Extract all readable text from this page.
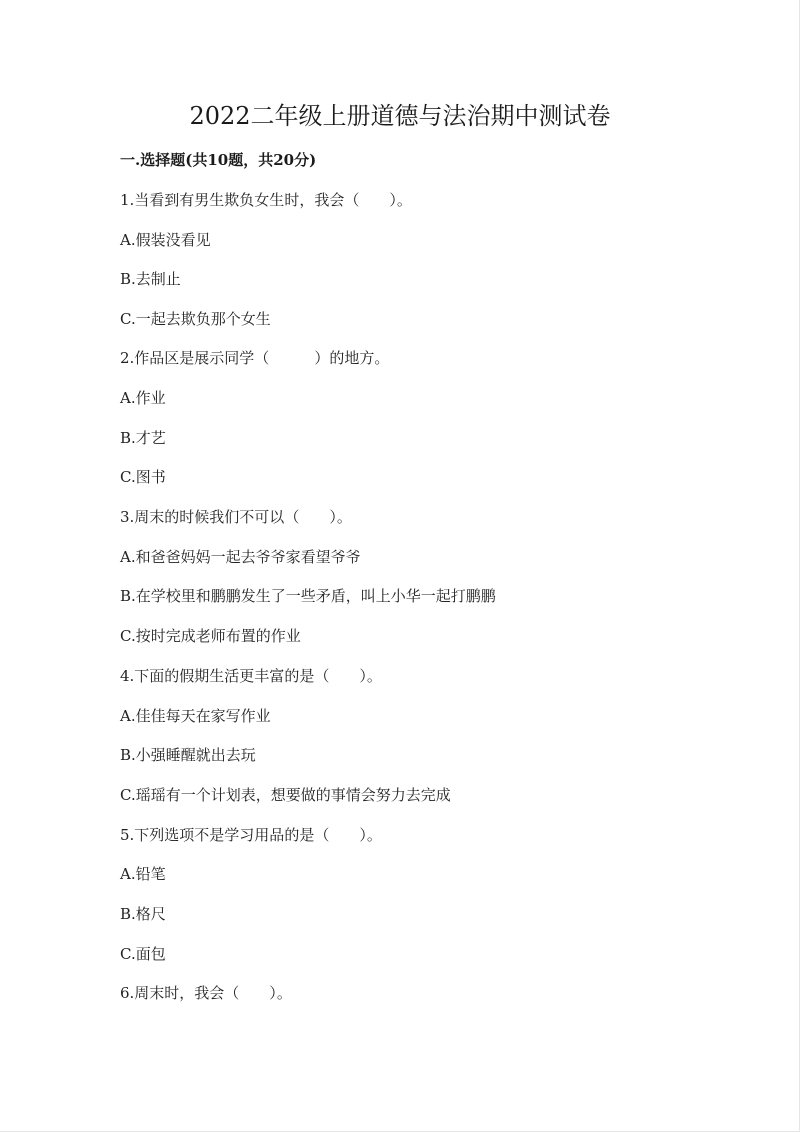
2022二年级上册道德与法治期中测试卷
一.选择题(共10题，共20分)
1.当看到有男生欺负女生时，我会（　　）。
A.假装没看见
B.去制止
C.一起去欺负那个女生
2.作品区是展示同学（　　　）的地方。
A.作业
B.才艺
C.图书
3.周末的时候我们不可以（　　）。
A.和爸爸妈妈一起去爷爷家看望爷爷
B.在学校里和鹏鹏发生了一些矛盾，叫上小华一起打鹏鹏
C.按时完成老师布置的作业
4.下面的假期生活更丰富的是（　　）。
A.佳佳每天在家写作业
B.小强睡醒就出去玩
C.瑶瑶有一个计划表，想要做的事情会努力去完成
5.下列选项不是学习用品的是（　　）。
A.铅笔
B.格尺
C.面包
6.周末时，我会（　　）。
